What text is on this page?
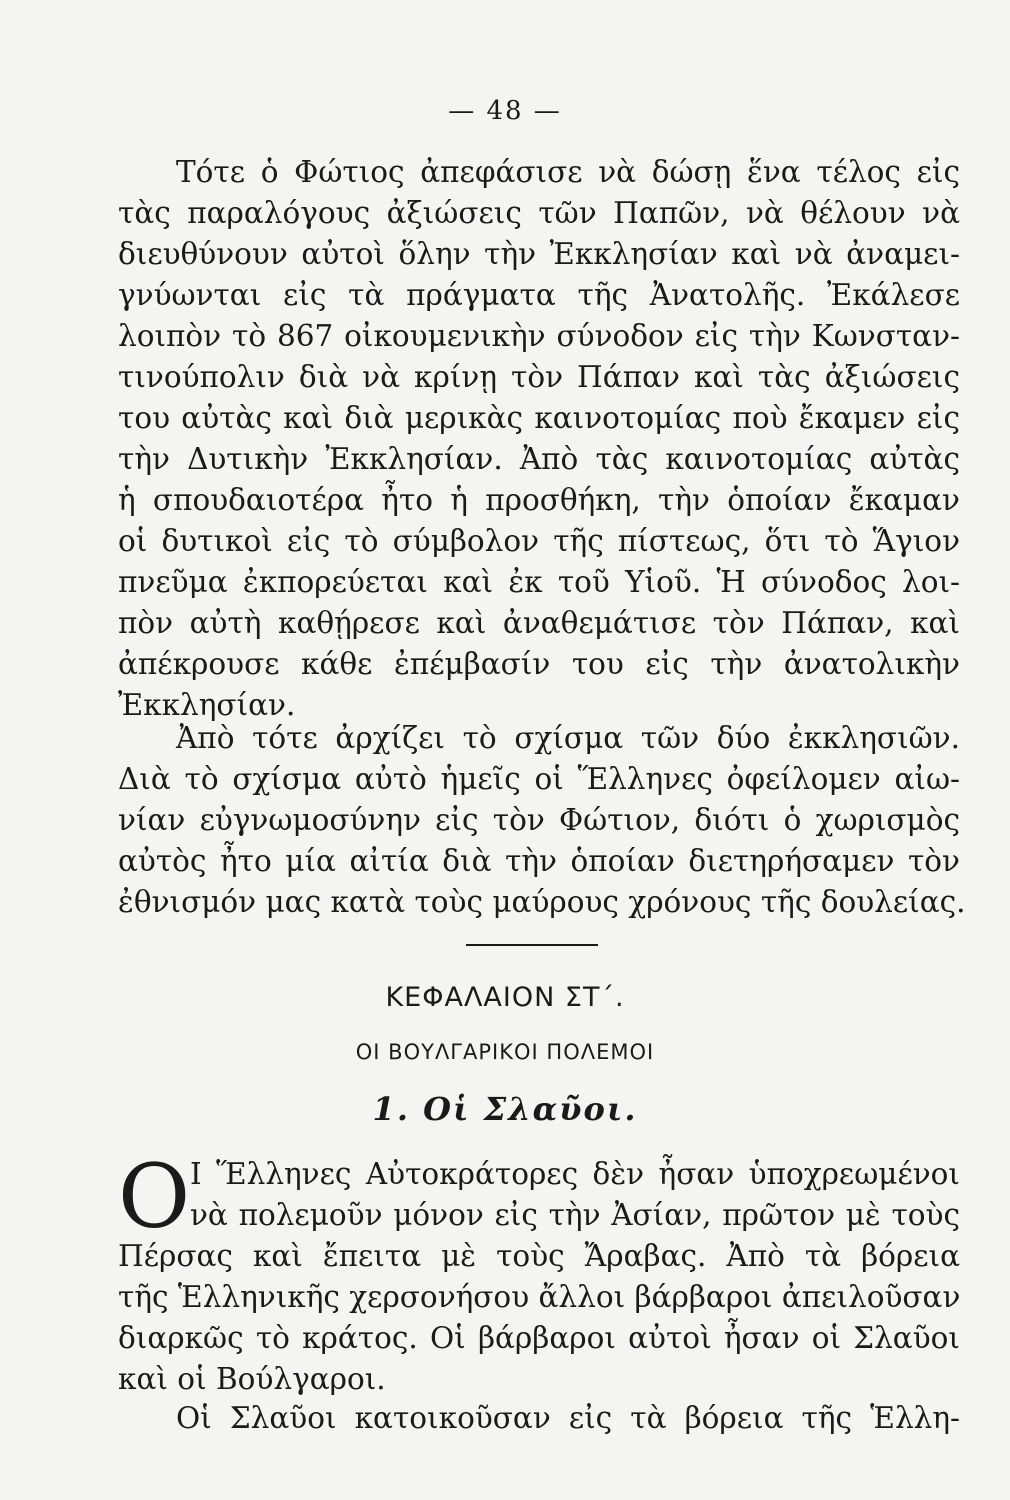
— 48 —
Τότε ὁ Φώτιος ἀπεφάσισε νὰ δώσῃ ἕνα τέλος εἰς
τὰς παραλόγους ἀξιώσεις τῶν Παπῶν, νὰ θέλουν νὰ
διευθύνουν αὐτοὶ ὅλην τὴν Ἐκκλησίαν καὶ νὰ ἀναμει-
γνύωνται εἰς τὰ πράγματα τῆς Ἀνατολῆς. Ἐκάλεσε
λοιπὸν τὸ 867 οἰκουμενικὴν σύνοδον εἰς τὴν Κωνσταν-
τινούπολιν διὰ νὰ κρίνῃ τὸν Πάπαν καὶ τὰς ἀξιώσεις
του αὐτὰς καὶ διὰ μερικὰς καινοτομίας ποὺ ἔκαμεν εἰς
τὴν Δυτικὴν Ἐκκλησίαν. Ἀπὸ τὰς καινοτομίας αὐτὰς
ἡ σπουδαιοτέρα ἦτο ἡ προσθήκη, τὴν ὁποίαν ἔκαμαν
οἱ δυτικοὶ εἰς τὸ σύμβολον τῆς πίστεως, ὅτι τὸ Ἅγιον
πνεῦμα ἐκπορεύεται καὶ ἐκ τοῦ Υἱοῦ. Ἡ σύνοδος λοι-
πὸν αὐτὴ καθῄρεσε καὶ ἀναθεμάτισε τὸν Πάπαν, καὶ
ἀπέκρουσε κάθε ἐπέμβασίν του εἰς τὴν ἀνατολικὴν
Ἐκκλησίαν.
Ἀπὸ τότε ἀρχίζει τὸ σχίσμα τῶν δύο ἐκκλησιῶν.
Διὰ τὸ σχίσμα αὐτὸ ἡμεῖς οἱ Ἕλληνες ὀφείλομεν αἰω-
νίαν εὐγνωμοσύνην εἰς τὸν Φώτιον, διότι ὁ χωρισμὸς
αὐτὸς ἦτο μία αἰτία διὰ τὴν ὁποίαν διετηρήσαμεν τὸν
ἐθνισμόν μας κατὰ τοὺς μαύρους χρόνους τῆς δουλείας.
ΚΕΦΑΛΑΙΟΝ ΣΤ΄.
ΟΙ ΒΟΥΛΓΑΡΙΚΟΙ ΠΟΛΕΜΟΙ
1. Οἱ Σλαῦοι.
Ο Ι Ἕλληνες Αὐτοκράτορες δὲν ἦσαν ὑποχρεωμένοι
νὰ πολεμοῦν μόνον εἰς τὴν Ἀσίαν, πρῶτον μὲ τοὺς
Πέρσας καὶ ἔπειτα μὲ τοὺς Ἄραβας. Ἀπὸ τὰ βόρεια
τῆς Ἑλληνικῆς χερσονήσου ἄλλοι βάρβαροι ἀπειλοῦσαν
διαρκῶς τὸ κράτος. Οἱ βάρβαροι αὐτοὶ ἦσαν οἱ Σλαῦοι
καὶ οἱ Βούλγαροι.
Οἱ Σλαῦοι κατοικοῦσαν εἰς τὰ βόρεια τῆς Ἑλλη-
